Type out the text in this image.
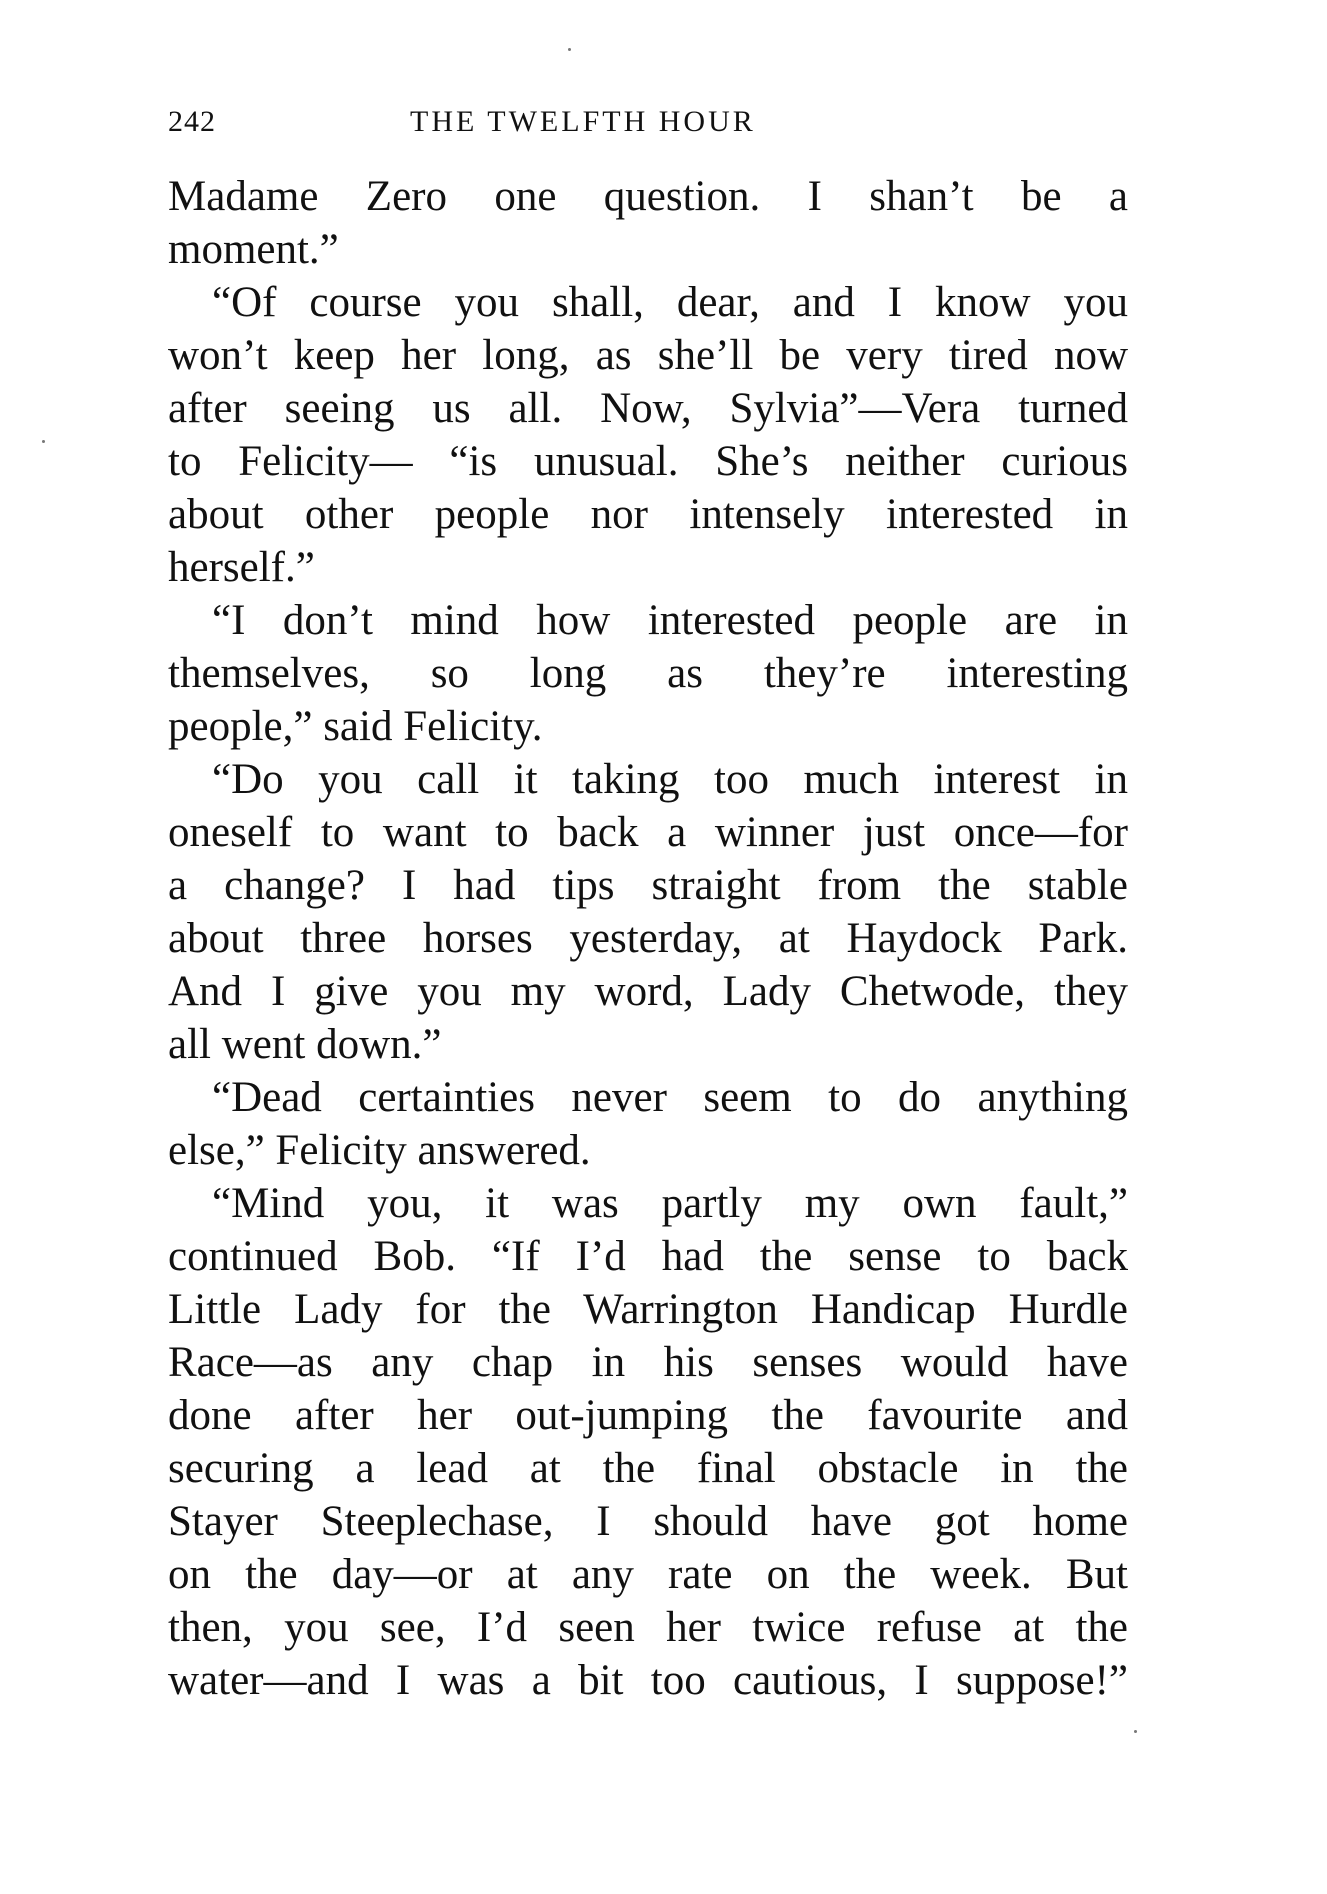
242	THE TWELFTH HOUR
Madame Zero one question. I shan’t be a
moment.”
“Of course you shall, dear, and I know you
won’t keep her long, as she’ll be very tired now
after seeing us all. Now, Sylvia”—Vera turned
to Felicity— “is unusual. She’s neither curious
about other people nor intensely interested in
herself.”
“I don’t mind how interested people are in
themselves, so long as they’re interesting
people,” said Felicity.
“Do you call it taking too much interest in
oneself to want to back a winner just once—for
a change? I had tips straight from the stable
about three horses yesterday, at Haydock Park.
And I give you my word, Lady Chetwode, they
all went down.”
“Dead certainties never seem to do anything
else,” Felicity answered.
“Mind you, it was partly my own fault,”
continued Bob. “If I’d had the sense to back
Little Lady for the Warrington Handicap Hurdle
Race—as any chap in his senses would have
done after her out-jumping the favourite and
securing a lead at the final obstacle in the
Stayer Steeplechase, I should have got home
on the day—or at any rate on the week. But
then, you see, I’d seen her twice refuse at the
water—and I was a bit too cautious, I suppose!”
